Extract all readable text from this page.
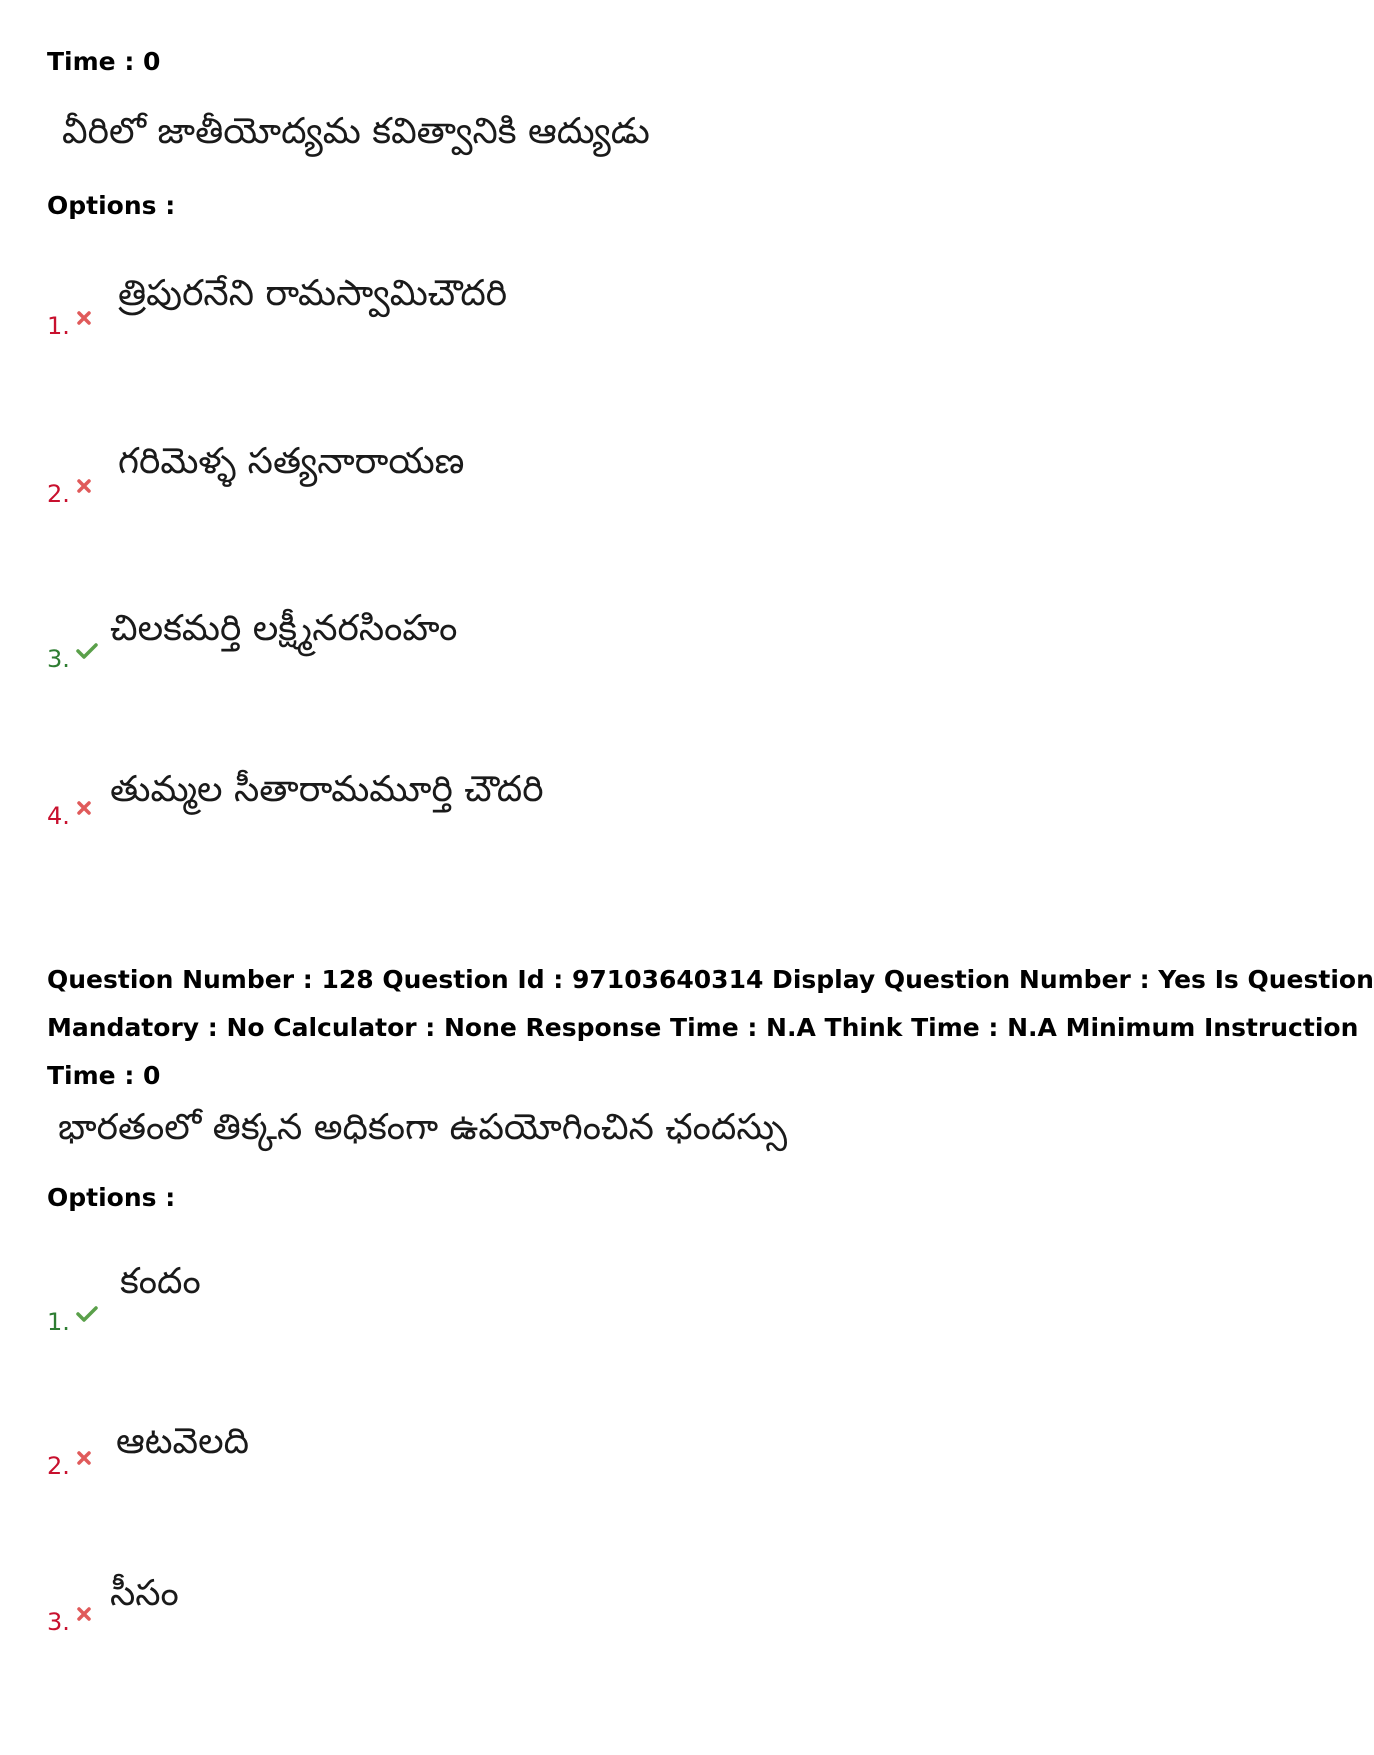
Time : 0
వీరిలో జాతీయోద్యమ కవిత్వానికి ఆద్యుడు
Options :
త్రిపురనేని రామస్వామిచౌదరి
1.
గరిమెళ్ళ సత్యనారాయణ
2.
చిలకమర్తి లక్ష్మీనరసింహం
3.
తుమ్మల సీతారామమూర్తి చౌదరి
4.
Question Number : 128 Question Id : 97103640314 Display Question Number : Yes Is Question
Mandatory : No Calculator : None Response Time : N.A Think Time : N.A Minimum Instruction
Time : 0
భారతంలో తిక్కన అధికంగా ఉపయోగించిన ఛందస్సు
Options :
కందం
1.
ఆటవెలది
2.
సీసం
3.
